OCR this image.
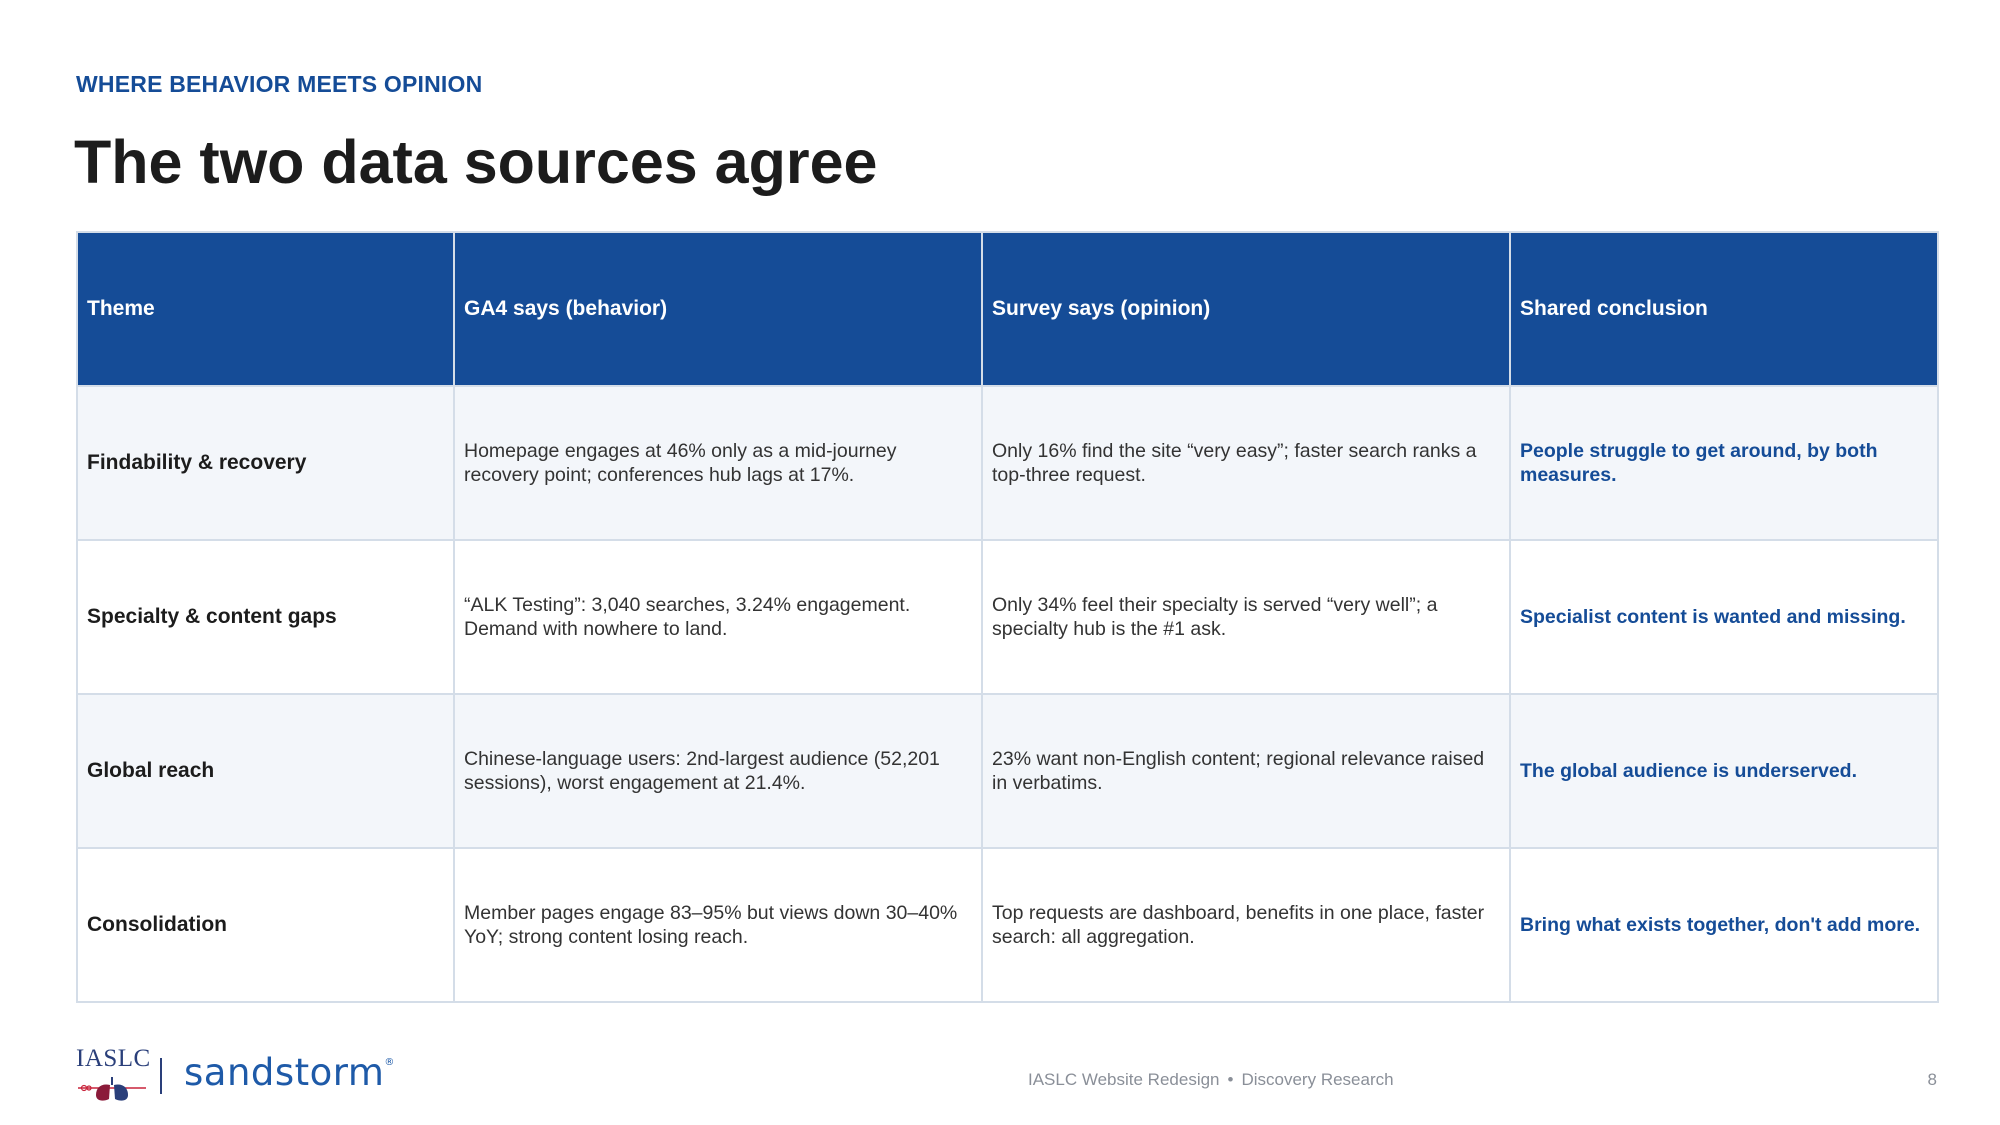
WHERE BEHAVIOR MEETS OPINION
The two data sources agree
Theme	GA4 says (behavior)	Survey says (opinion)	Shared conclusion
Findability & recovery	Homepage engages at 46% only as a mid-journey recovery point; conferences hub lags at 17%.	Only 16% find the site “very easy”; faster search ranks a top-three request.	People struggle to get around, by both measures.
Specialty & content gaps	“ALK Testing”: 3,040 searches, 3.24% engagement. Demand with nowhere to land.	Only 34% feel their specialty is served “very well”; a specialty hub is the #1 ask.	Specialist content is wanted and missing.
Global reach	Chinese-language users: 2nd-largest audience (52,201 sessions), worst engagement at 21.4%.	23% want non-English content; regional relevance raised in verbatims.	The global audience is underserved.
Consolidation	Member pages engage 83–95% but views down 30–40% YoY; strong content losing reach.	Top requests are dashboard, benefits in one place, faster search: all aggregation.	Bring what exists together, don't add more.
IASLC sandstorm®
IASLC Website Redesign • Discovery Research	8
